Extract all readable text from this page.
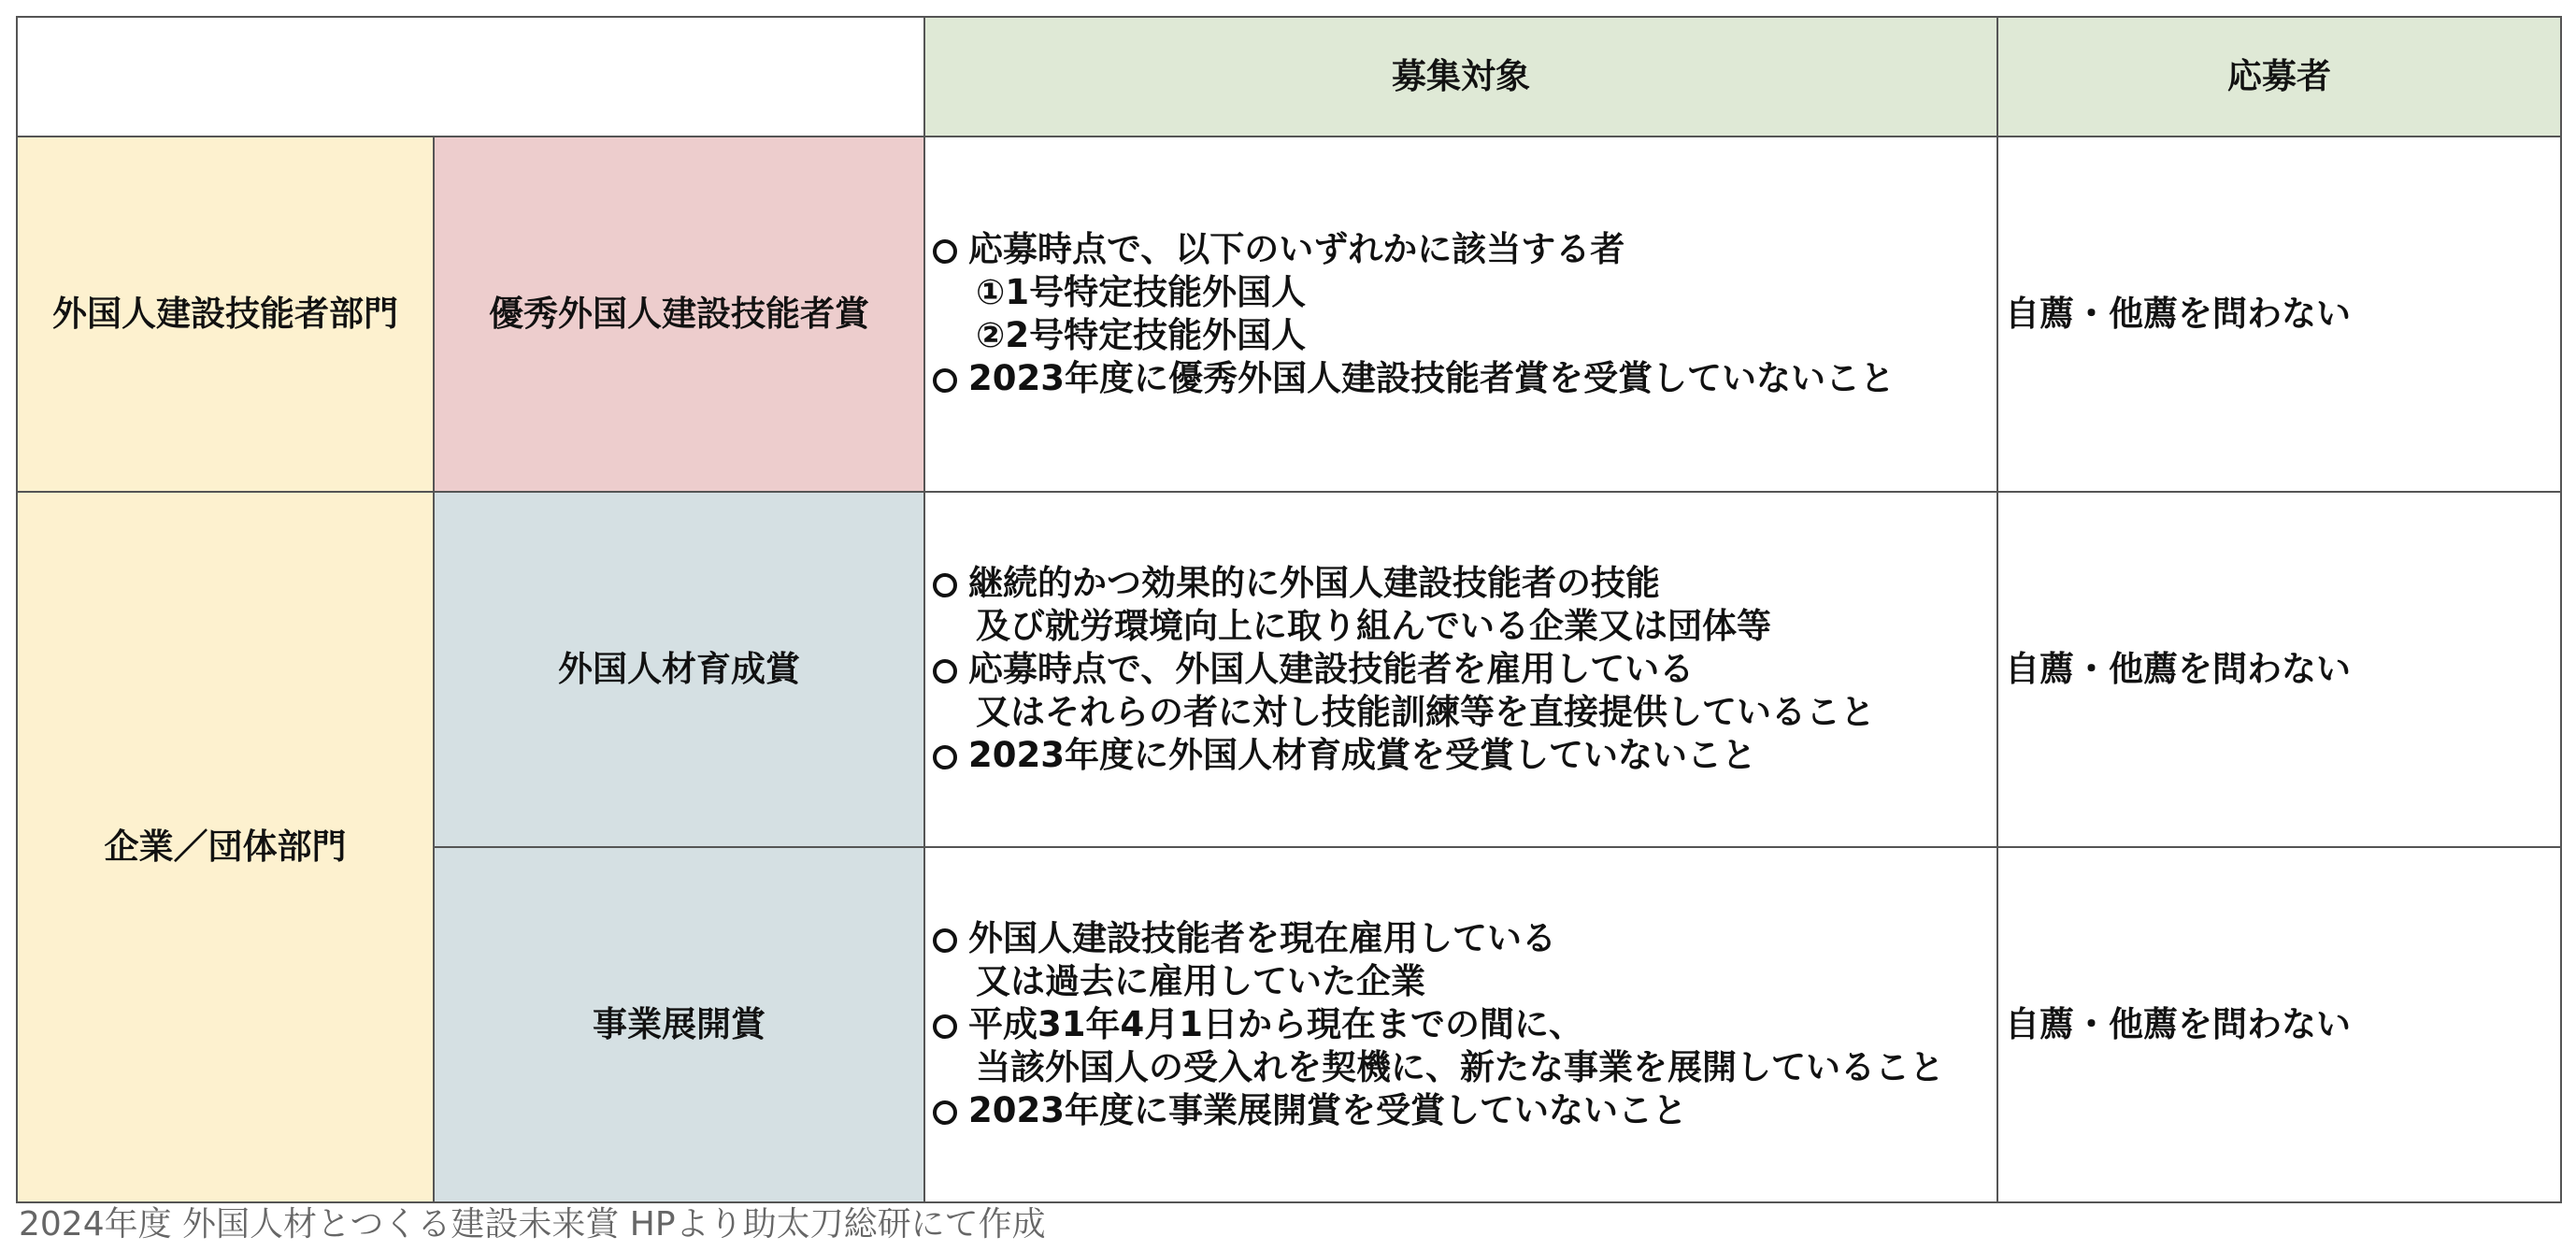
		募集対象	応募者
外国人建設技能者部門	優秀外国人建設技能者賞	応募時点で、以下のいずれかに該当する者
①1号特定技能外国人
②2号特定技能外国人
2023年度に優秀外国人建設技能者賞を受賞していないこと	自薦・他薦を問わない
企業／団体部門	外国人材育成賞	継続的かつ効果的に外国人建設技能者の技能
及び就労環境向上に取り組んでいる企業又は団体等
応募時点で、外国人建設技能者を雇用している
又はそれらの者に対し技能訓練等を直接提供していること
2023年度に外国人材育成賞を受賞していないこと	自薦・他薦を問わない
	事業展開賞	外国人建設技能者を現在雇用している
又は過去に雇用していた企業
平成31年4月1日から現在までの間に、
当該外国人の受入れを契機に、新たな事業を展開していること
2023年度に事業展開賞を受賞していないこと	自薦・他薦を問わない
2024年度 外国人材とつくる建設未来賞 HPより助太刀総研にて作成
